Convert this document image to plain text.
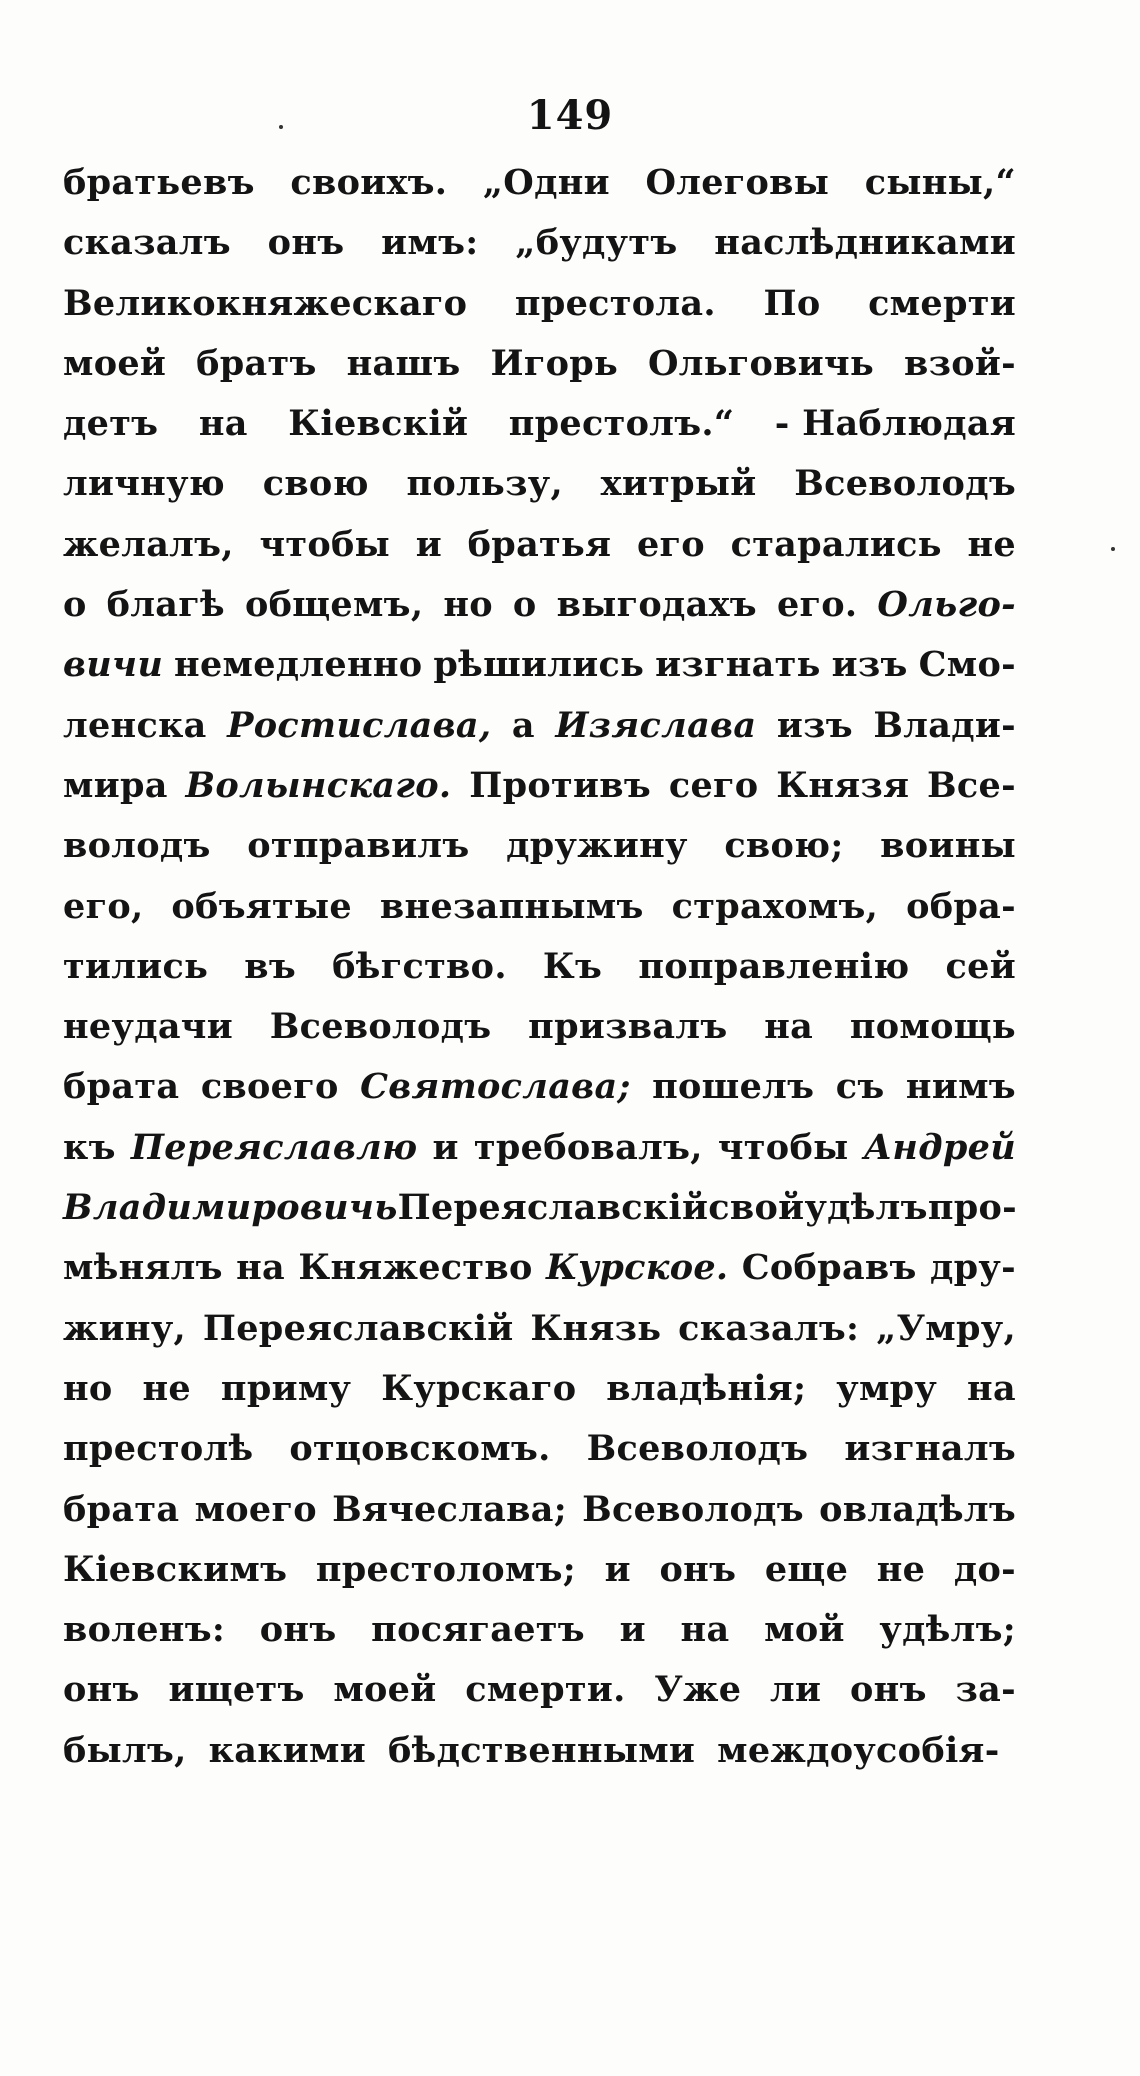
149
братьевъ своихъ. „Одни Олеговы сыны,“
сказалъ онъ имъ: „будутъ наслѣдниками
Великокняжескаго престола. По смерти
моей братъ нашъ Игорь Ольговичь взой-
детъ на Кіевскій престолъ.“ - Наблюдая
личную свою пользу, хитрый Всеволодъ
желалъ, чтобы и братья его старались не
о благѣ общемъ, но о выгодахъ его. Ольго-
вичи немедленно рѣшились изгнать изъ Смо-
ленска Ростислава, а Изяслава изъ Влади-
мира Волынскаго. Противъ сего Князя Все-
володъ отправилъ дружину свою; воины
его, объятые внезапнымъ страхомъ, обра-
тились въ бѣгство. Къ поправленію сей
неудачи Всеволодъ призвалъ на помощь
брата своего Святослава; пошелъ съ нимъ
къ Переяславлю и требовалъ, чтобы Андрей
Владимировичь Переяславскій свой удѣлъ про-
мѣнялъ на Княжество Курское. Собравъ дру-
жину, Переяславскій Князь сказалъ: „Умру,
но не приму Курскаго владѣнія; умру на
престолѣ отцовскомъ. Всеволодъ изгналъ
брата моего Вячеслава; Всеволодъ овладѣлъ
Кіевскимъ престоломъ; и онъ еще не до-
воленъ: онъ посягаетъ и на мой удѣлъ;
онъ ищетъ моей смерти. Уже ли онъ за-
былъ, какими бѣдственными междоусобія-
